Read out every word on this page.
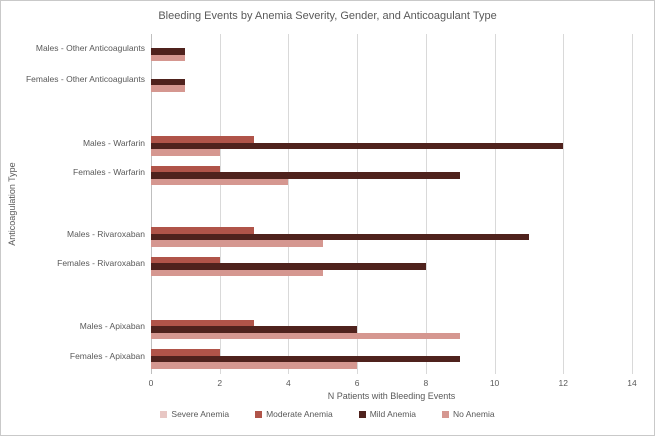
Bleeding Events by Anemia Severity, Gender, and Anticoagulant Type
Anticoagulation Type
Males - Other Anticoagulants
Females - Other Anticoagulants
Males - Warfarin
Females - Warfarin
Males - Rivaroxaban
Females - Rivaroxaban
Males - Apixaban
Females - Apixaban
0	2	4	6	8	10	12	14
N Patients with Bleeding Events
Severe Anemia	Moderate Anemia	Mild Anemia	No Anemia
